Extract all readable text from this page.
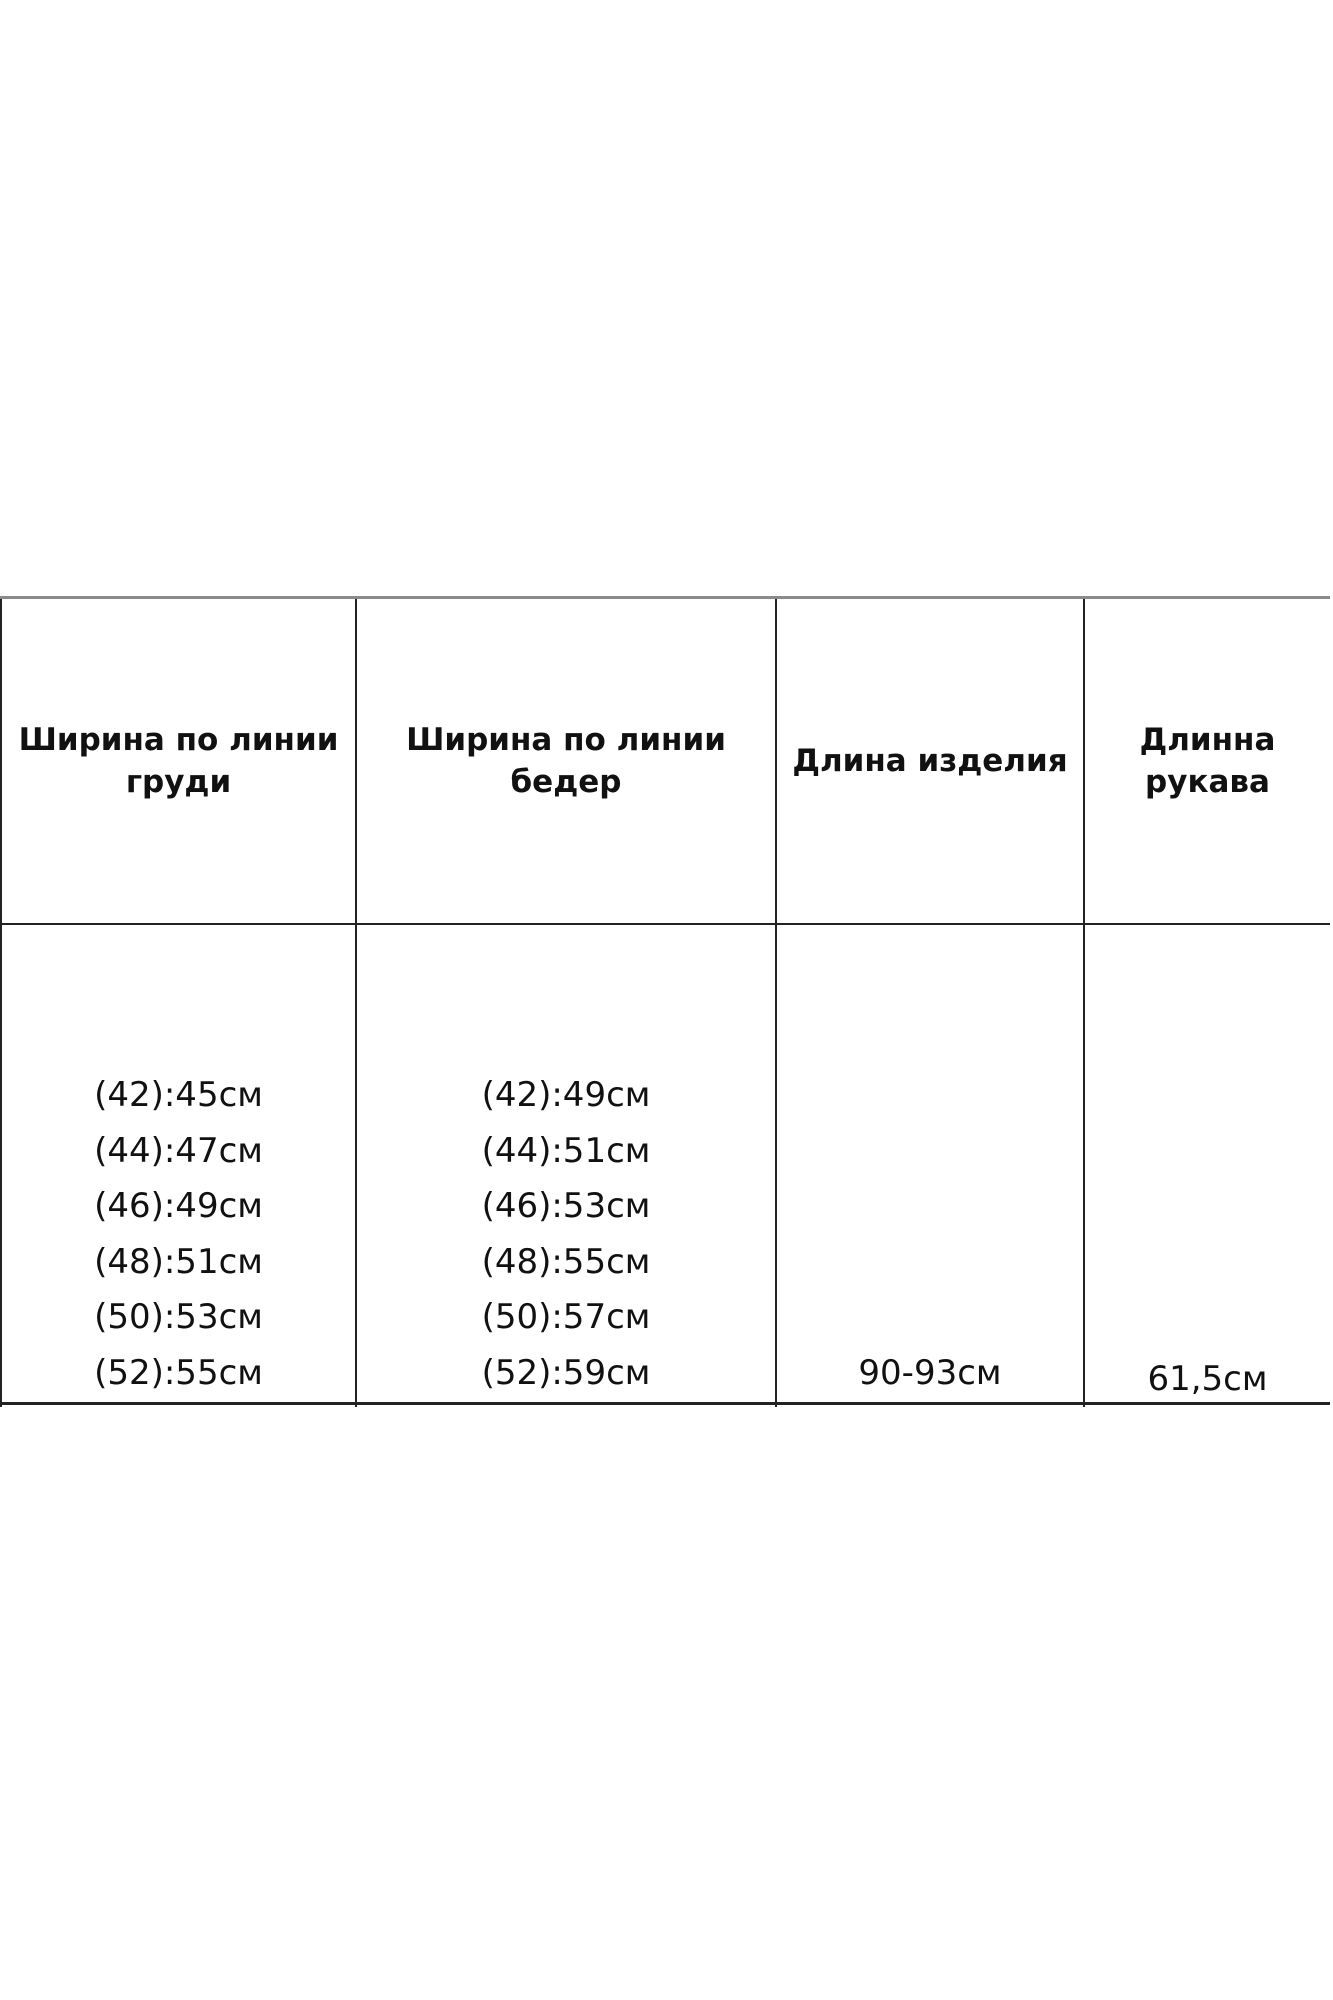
Ширина по линии груди
Ширина по линии бедер
Длина изделия
Длинна рукава
(42):45см
(44):47см
(46):49см
(48):51см
(50):53см
(52):55см
(42):49см
(44):51см
(46):53см
(48):55см
(50):57см
(52):59см	90-93см	61,5см
